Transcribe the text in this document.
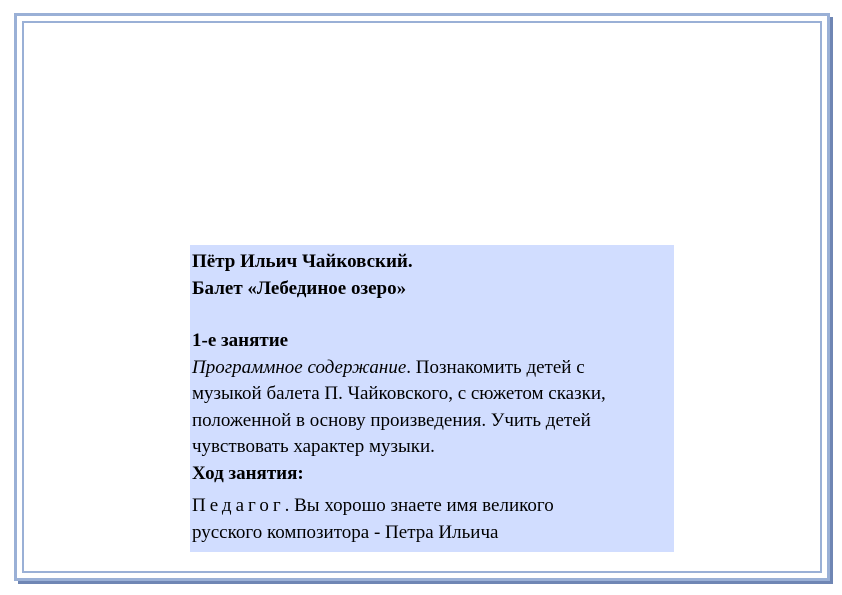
Пётр Ильич Чайковский.

Балет «Лебединое озеро»

1-е занятие

Программное содержание. Познакомить детей с

музыкой балета П. Чайковского, с сюжетом сказки,

положенной в основу произведения. Учить детей

чувствовать характер музыки.

Ход занятия:

Педагог. Вы хорошо знаете имя великого

русского композитора - Петра Ильича
